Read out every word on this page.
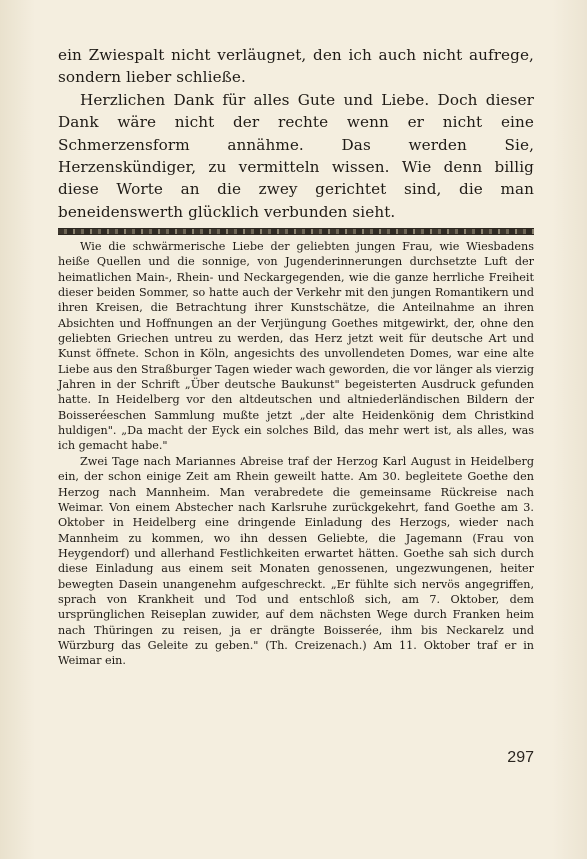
ein Zwiespalt nicht verläugnet, den ich auch nicht aufrege, sondern lieber schließe.

Herzlichen Dank für alles Gute und Liebe. Doch dieser Dank wäre nicht der rechte wenn er nicht eine Schmerzensform annähme. Das werden Sie, Herzenskündiger, zu vermitteln wissen. Wie denn billig diese Worte an die zwey gerichtet sind, die man beneidenswerth glücklich verbunden sieht.

Wie die schwärmerische Liebe der geliebten jungen Frau, wie Wiesbadens heiße Quellen und die sonnige, von Jugenderinnerungen durchsetzte Luft der heimatlichen Main-, Rhein- und Neckargegenden, wie die ganze herrliche Freiheit dieser beiden Sommer, so hatte auch der Verkehr mit den jungen Romantikern und ihren Kreisen, die Betrachtung ihrer Kunstschätze, die Anteilnahme an ihren Absichten und Hoffnungen an der Verjüngung Goethes mitgewirkt, der, ohne den geliebten Griechen untreu zu werden, das Herz jetzt weit für deutsche Art und Kunst öffnete. Schon in Köln, angesichts des unvollendeten Domes, war eine alte Liebe aus den Straßburger Tagen wieder wach geworden, die vor länger als vierzig Jahren in der Schrift „Über deutsche Baukunst" begeisterten Ausdruck gefunden hatte. In Heidelberg vor den altdeutschen und altniederländischen Bildern der Boisseréeschen Sammlung mußte jetzt „der alte Heidenkönig dem Christkind huldigen". „Da macht der Eyck ein solches Bild, das mehr wert ist, als alles, was ich gemacht habe."

Zwei Tage nach Mariannes Abreise traf der Herzog Karl August in Heidelberg ein, der schon einige Zeit am Rhein geweilt hatte. Am 30. begleitete Goethe den Herzog nach Mannheim. Man verabredete die gemeinsame Rückreise nach Weimar. Von einem Abstecher nach Karlsruhe zurückgekehrt, fand Goethe am 3. Oktober in Heidelberg eine dringende Einladung des Herzogs, wieder nach Mannheim zu kommen, wo ihn dessen Geliebte, die Jagemann (Frau von Heygendorf) und allerhand Festlichkeiten erwartet hätten. Goethe sah sich durch diese Einladung aus einem seit Monaten genossenen, ungezwungenen, heiter bewegten Dasein unangenehm aufgeschreckt. „Er fühlte sich nervös angegriffen, sprach von Krankheit und Tod und entschloß sich, am 7. Oktober, dem ursprünglichen Reiseplan zuwider, auf dem nächsten Wege durch Franken heim nach Thüringen zu reisen, ja er drängte Boisserée, ihm bis Neckarelz und Würzburg das Geleite zu geben." (Th. Creizenach.) Am 11. Oktober traf er in Weimar ein.

297
